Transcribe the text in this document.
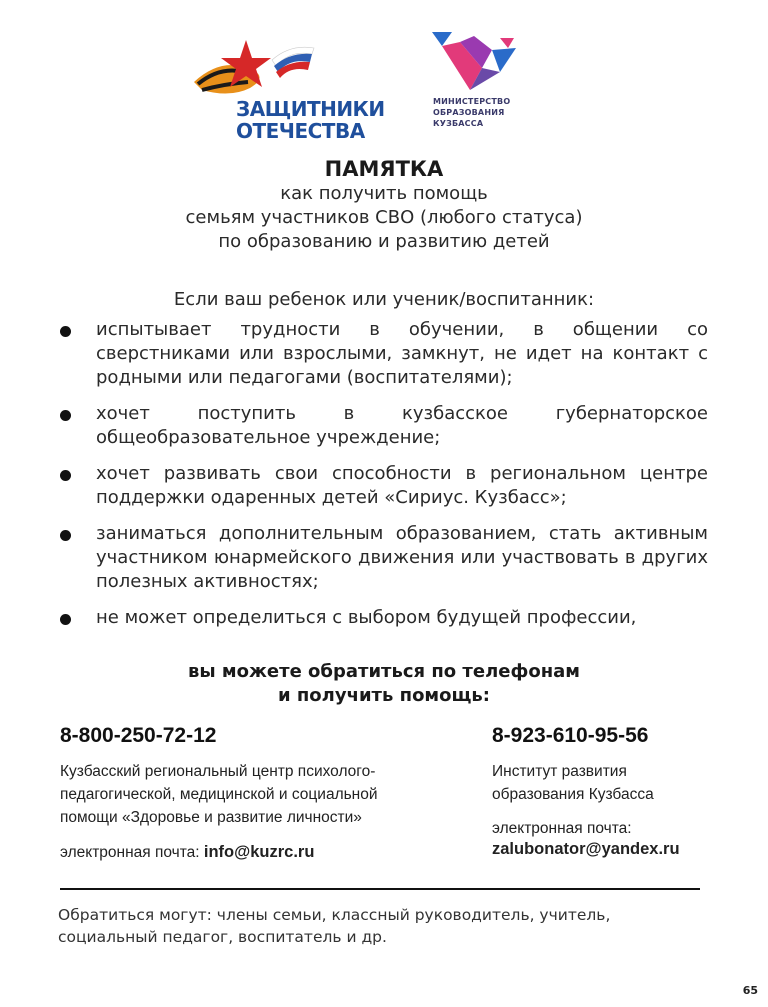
ЗАЩИТНИКИ
ОТЕЧЕСТВА
МИНИСТЕРСТВО
ОБРАЗОВАНИЯ
КУЗБАССА
ПАМЯТКА
как получить помощь
семьям участников СВО (любого статуса)
по образованию и развитию детей
Если ваш ребенок или ученик/воспитанник:
испытывает трудности в обучении, в общении со сверстниками или взрослыми, замкнут, не идет на контакт с родными или педагогами (воспитателями);
хочет поступить в кузбасское губернаторское общеобразовательное учреждение;
хочет развивать свои способности в региональном центре поддержки одаренных детей «Сириус. Кузбасс»;
заниматься дополнительным образованием, стать активным участником юнармейского движения или участвовать в других полезных активностях;
не может определиться с выбором будущей профессии,
вы можете обратиться по телефонам
и получить помощь:
8-800-250-72-12
Кузбасский региональный центр психолого-
педагогической, медицинской и социальной
помощи «Здоровье и развитие личности»
электронная почта: info@kuzrc.ru
8-923-610-95-56
Институт развития
образования Кузбасса
электронная почта:
zalubonator@yandex.ru
Обратиться могут: члены семьи, классный руководитель, учитель,
социальный педагог, воспитатель и др.
65
